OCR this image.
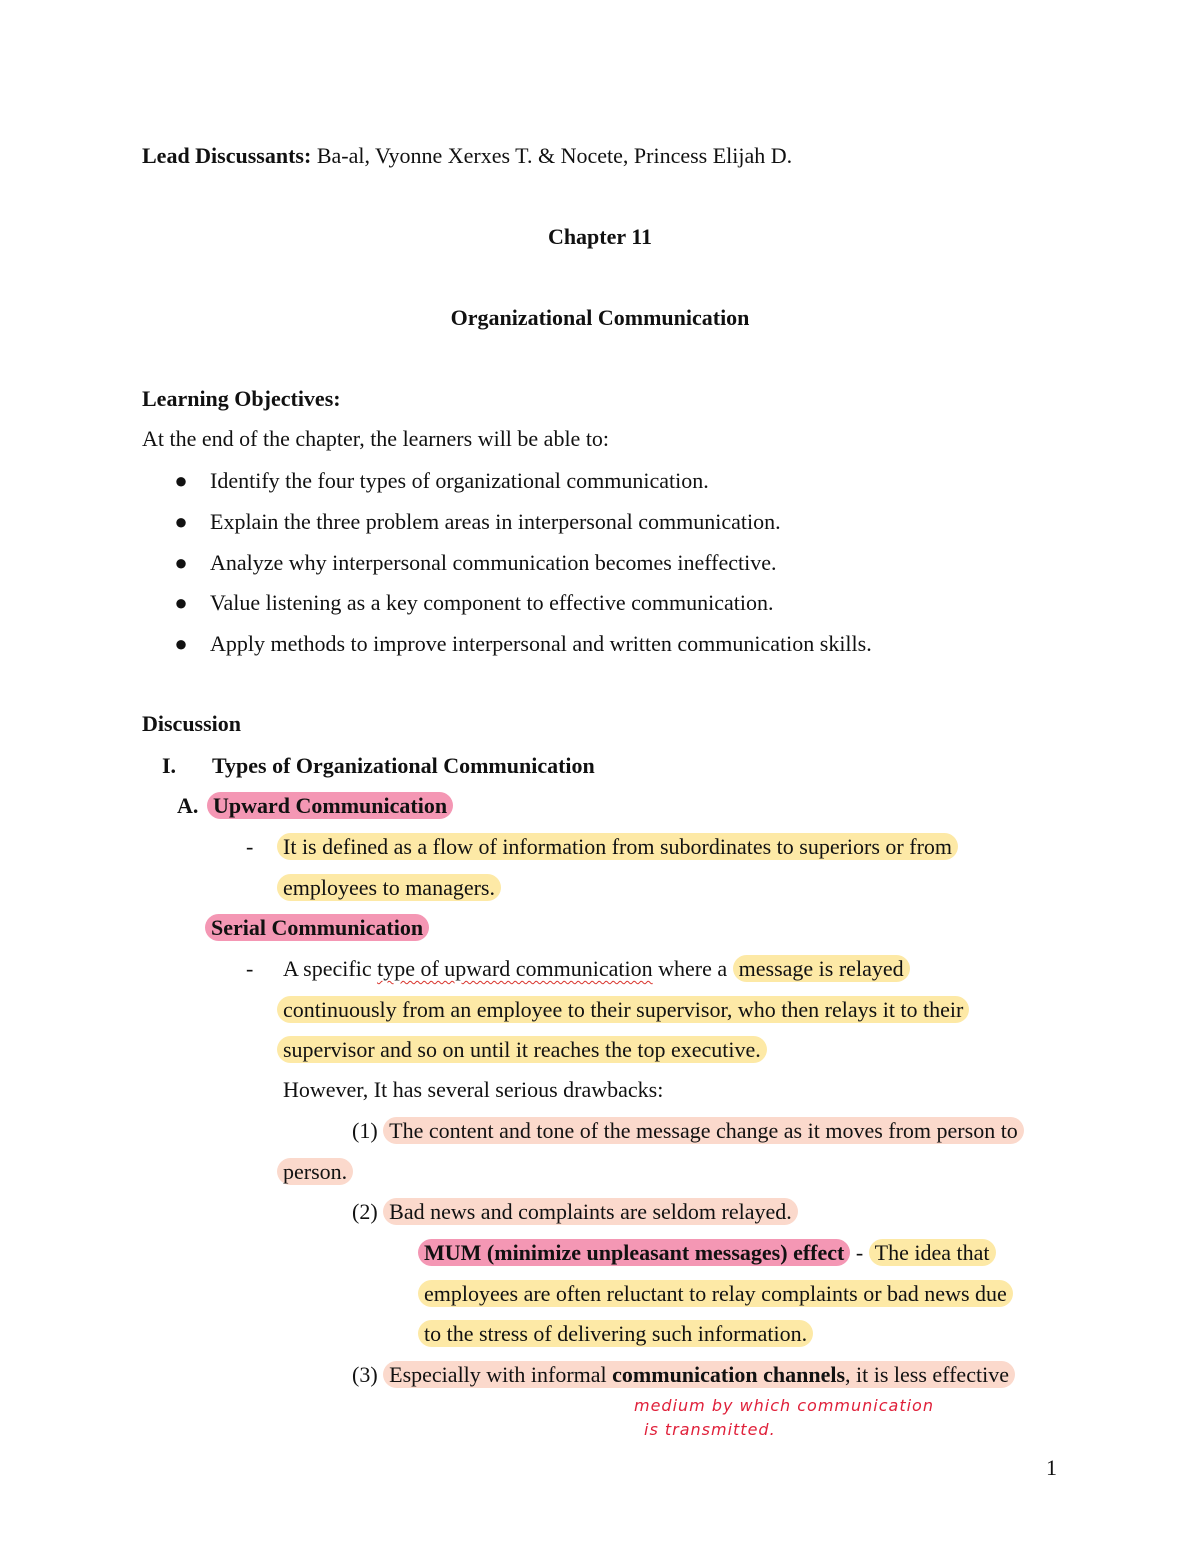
Lead Discussants: Ba-al, Vyonne Xerxes T. & Nocete, Princess Elijah D.
Chapter 11
Organizational Communication
Learning Objectives:
At the end of the chapter, the learners will be able to:
● Identify the four types of organizational communication.
● Explain the three problem areas in interpersonal communication.
● Analyze why interpersonal communication becomes ineffective.
● Value listening as a key component to effective communication.
● Apply methods to improve interpersonal and written communication skills.
Discussion
I. Types of Organizational Communication
A. Upward Communication
- It is defined as a flow of information from subordinates to superiors or from
employees to managers.
Serial Communication
- A specific type of upward communication where a message is relayed
continuously from an employee to their supervisor, who then relays it to their
supervisor and so on until it reaches the top executive.
However, It has several serious drawbacks:
(1) The content and tone of the message change as it moves from person to
person.
(2) Bad news and complaints are seldom relayed.
MUM (minimize unpleasant messages) effect - The idea that
employees are often reluctant to relay complaints or bad news due
to the stress of delivering such information.
(3) Especially with informal communication channels, it is less effective
medium by which communication
is transmitted.
1
